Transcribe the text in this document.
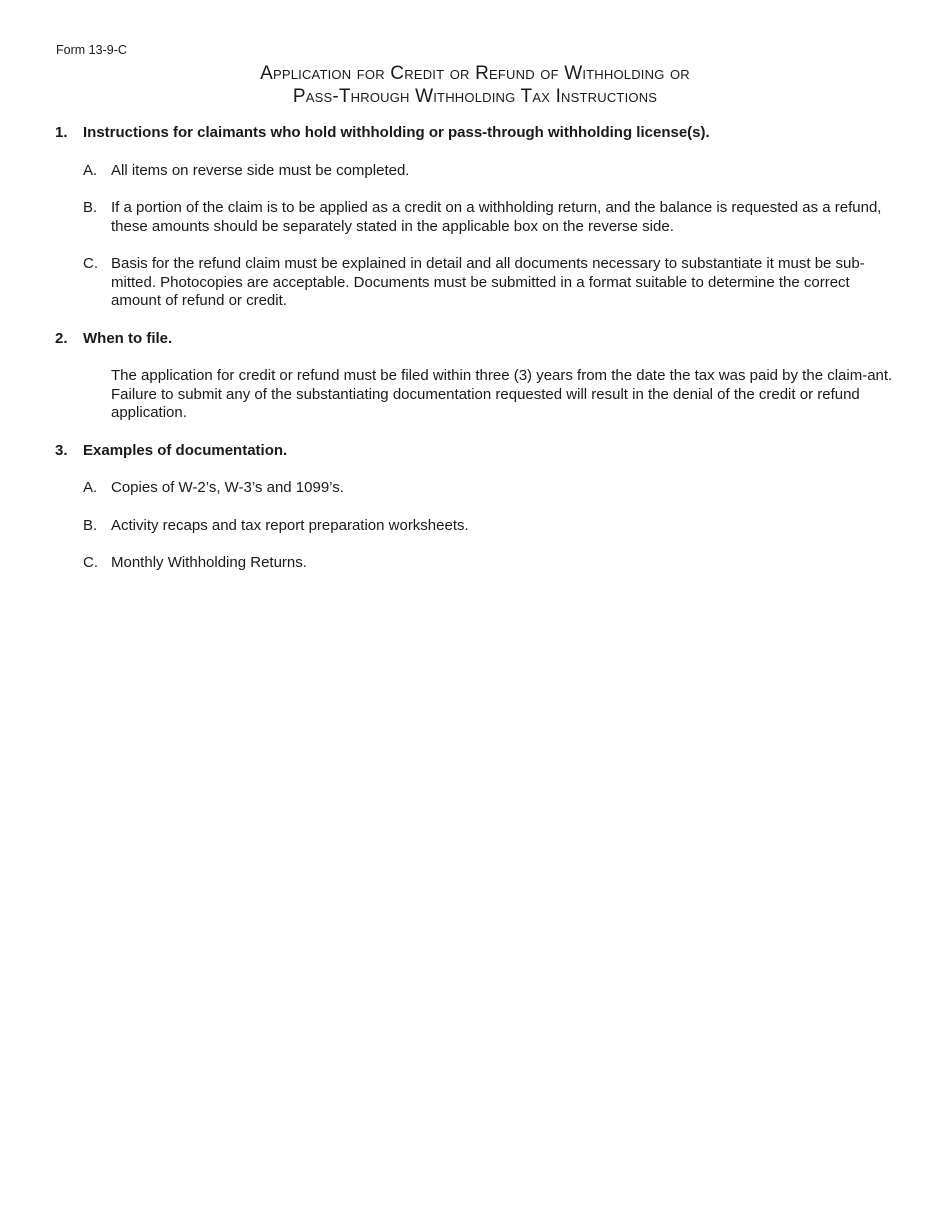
Form 13-9-C
Application for Credit or Refund of Withholding or
Pass-Through Withholding Tax Instructions
1.	Instructions for claimants who hold withholding or pass-through withholding license(s).
A. All items on reverse side must be completed.
B. If a portion of the claim is to be applied as a credit on a withholding return, and the balance is requested as a refund, these amounts should be separately stated in the applicable box on the reverse side.
C. Basis for the refund claim must be explained in detail and all documents necessary to substantiate it must be sub-mitted. Photocopies are acceptable. Documents must be submitted in a format suitable to determine the correct amount of refund or credit.
2.	When to file.
The application for credit or refund must be filed within three (3) years from the date the tax was paid by the claim-ant. Failure to submit any of the substantiating documentation requested will result in the denial of the credit or refund application.
3.	Examples of documentation.
A. Copies of W-2’s, W-3’s and 1099’s.
B. Activity recaps and tax report preparation worksheets.
C. Monthly Withholding Returns.
